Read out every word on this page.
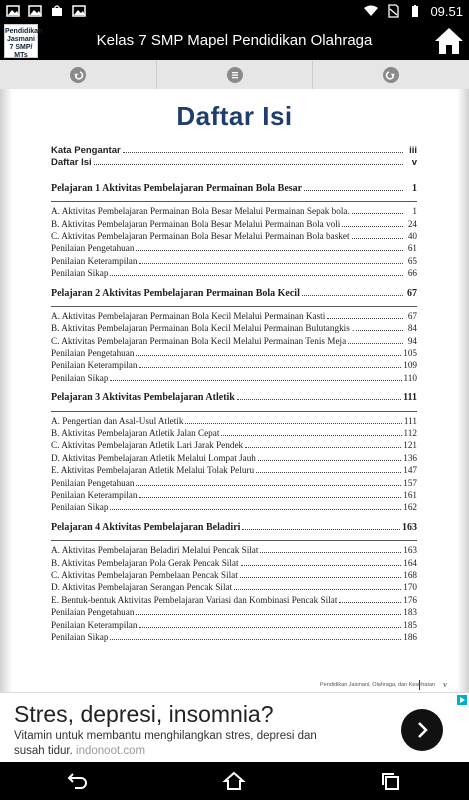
09.51
Pendidikan Jasmani 7 SMP/ MTs
Kelas 7 SMP Mapel Pendidikan Olahraga
Daftar Isi
Kata Pengantar	iii
Daftar Isi	v
Pelajaran 1 Aktivitas Pembelajaran Permainan Bola Besar	1
A. Aktivitas Pembelajaran Permainan Bola Besar Melalui Permainan Sepak bola.	1
B. Aktivitas Pembelajaran Permainan Bola Besar Melalui Permainan Bola voli	24
C. Aktivitas Pembelajaran Permainan Bola Besar Melalui Permainan Bola basket	40
Penilaian Pengetahuan	61
Penilaian Keterampilan	65
Penilaian Sikap	66
Pelajaran 2 Aktivitas Pembelajaran Permainan Bola Kecil	67
A. Aktivitas Pembelajaran Permainan Bola Kecil Melalui Permainan Kasti	67
B. Aktivitas Pembelajaran Permainan Bola Kecil Melalui Permainan Bulutangkis .	84
C. Aktivitas Pembelajaran Permainan Bola Kecil Melalui Permainan Tenis Meja	94
Penilaian Pengetahuan	105
Penilaian Keterampilan	109
Penilaian Sikap	110
Pelajaran 3 Aktivitas Pembelajaran Atletik	111
A. Pengertian dan Asal-Usul Atletik	111
B. Aktivitas Pembelajaran Atletik Jalan Cepat	112
C. Aktivitas Pembelajaran Atletik Lari Jarak Pendek	121
D. Aktivitas Pembelajaran Atletik Melalui Lompat Jauh	136
E. Aktivitas Pembelajaran Atletik Melalui Tolak Peluru	147
Penilaian Pengetahuan	157
Penilaian Keterampilan	161
Penilaian Sikap	162
Pelajaran 4 Aktivitas Pembelajaran Beladiri	163
A. Aktivitas Pembelajaran Beladiri Melalui Pencak Silat	163
B. Aktivitas Pembelajaran Pola Gerak Pencak Silat	164
C. Aktivitas Pembelajaran Pembelaan Pencak Silat	168
D. Aktivitas Pembelajaran Serangan Pencak Silat	170
E. Bentuk-bentuk Aktivitas Pembelajaran Variasi dan Kombinasi Pencak Silat	176
Penilaian Pengetahuan	183
Penilaian Keterampilan	185
Penilaian Sikap	186
Pendidikan Jasmani, Olahraga, dan Kesehatan v
Stres, depresi, insomnia?
Vitamin untuk membantu menghilangkan stres, depresi dan susah tidur. indonoot.com
